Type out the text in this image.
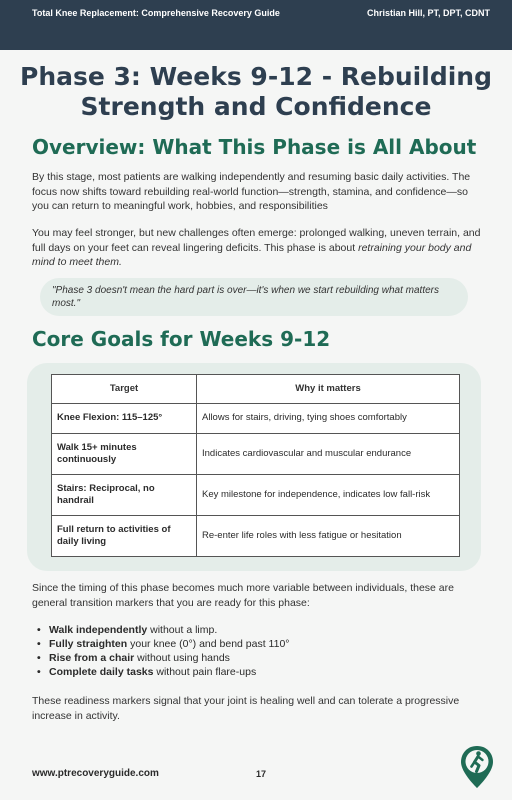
Total Knee Replacement: Comprehensive Recovery Guide	Christian Hill, PT, DPT, CDNT
Phase 3: Weeks 9-12 - Rebuilding
Strength and Confidence
Overview: What This Phase is All About

By this stage, most patients are walking independently and resuming basic daily activities. The focus now shifts toward rebuilding real-world function—strength, stamina, and confidence—so you can return to meaningful work, hobbies, and responsibilities

You may feel stronger, but new challenges often emerge: prolonged walking, uneven terrain, and full days on your feet can reveal lingering deficits. This phase is about retraining your body and mind to meet them.

"Phase 3 doesn't mean the hard part is over—it's when we start rebuilding what matters most."
Core Goals for Weeks 9-12
Target	Why it matters
Knee Flexion: 115–125°	Allows for stairs, driving, tying shoes comfortably
Walk 15+ minutes continuously	Indicates cardiovascular and muscular endurance
Stairs: Reciprocal, no handrail	Key milestone for independence, indicates low fall-risk
Full return to activities of daily living	Re-enter life roles with less fatigue or hesitation

Since the timing of this phase becomes much more variable between individuals, these are general transition markers that you are ready for this phase:

• Walk independently without a limp.
• Fully straighten your knee (0°) and bend past 110°
• Rise from a chair without using hands
• Complete daily tasks without pain flare-ups

These readiness markers signal that your joint is healing well and can tolerate a progressive increase in activity.

www.ptrecoveryguide.com	17
